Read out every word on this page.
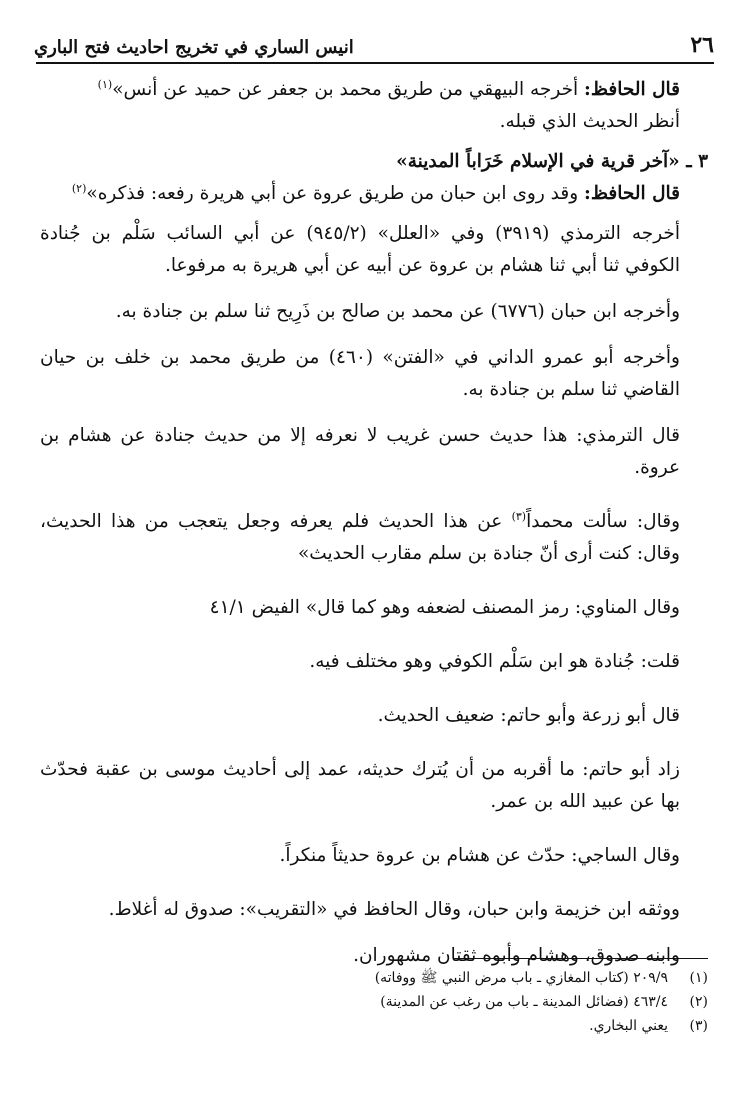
٢٦
انيس الساري في تخريج احاديث فتح الباري

قال الحافظ: أخرجه البيهقي من طريق محمد بن جعفر عن حميد عن أنس»$^{(١)}$

أنظر الحديث الذي قبله.

٣ ـ «آخر قرية في الإسلام خَرَاباً المدينة»

قال الحافظ: وقد روى ابن حبان من طريق عروة عن أبي هريرة رفعه: فذكره»$^{(٢)}$

أخرجه الترمذي (٣٩١٩) وفي «العلل» (٩٤٥/٢) عن أبي السائب سَلْم بن جُنادة الكوفي ثنا أبي ثنا هشام بن عروة عن أبيه عن أبي هريرة به مرفوعا.

وأخرجه ابن حبان (٦٧٧٦) عن محمد بن صالح بن ذَرِيح ثنا سلم بن جنادة به.

وأخرجه أبو عمرو الداني في «الفتن» (٤٦٠) من طريق محمد بن خلف بن حيان القاضي ثنا سلم بن جنادة به.

قال الترمذي: هذا حديث حسن غريب لا نعرفه إلا من حديث جنادة عن هشام بن عروة.

وقال: سألت محمداً$^{(٣)}$ عن هذا الحديث فلم يعرفه وجعل يتعجب من هذا الحديث، وقال: كنت أرى أنّ جنادة بن سلم مقارب الحديث»

وقال المناوي: رمز المصنف لضعفه وهو كما قال» الفيض ٤١/١

قلت: جُنادة هو ابن سَلْم الكوفي وهو مختلف فيه.

قال أبو زرعة وأبو حاتم: ضعيف الحديث.

زاد أبو حاتم: ما أقربه من أن يُترك حديثه، عمد إلى أحاديث موسى بن عقبة فحدّث بها عن عبيد الله بن عمر.

وقال الساجي: حدّث عن هشام بن عروة حديثاً منكراً.

ووثقه ابن خزيمة وابن حبان، وقال الحافظ في «التقريب»: صدوق له أغلاط.

وابنه صدوق، وهشام وأبوه ثقتان مشهوران.

(١)
٢٠٩/٩ (كتاب المغازي ـ باب مرض النبي ﷺ ووفاته)
(٢)
٤٦٣/٤ (فضائل المدينة ـ باب من رغب عن المدينة)
(٣)
يعني البخاري.
